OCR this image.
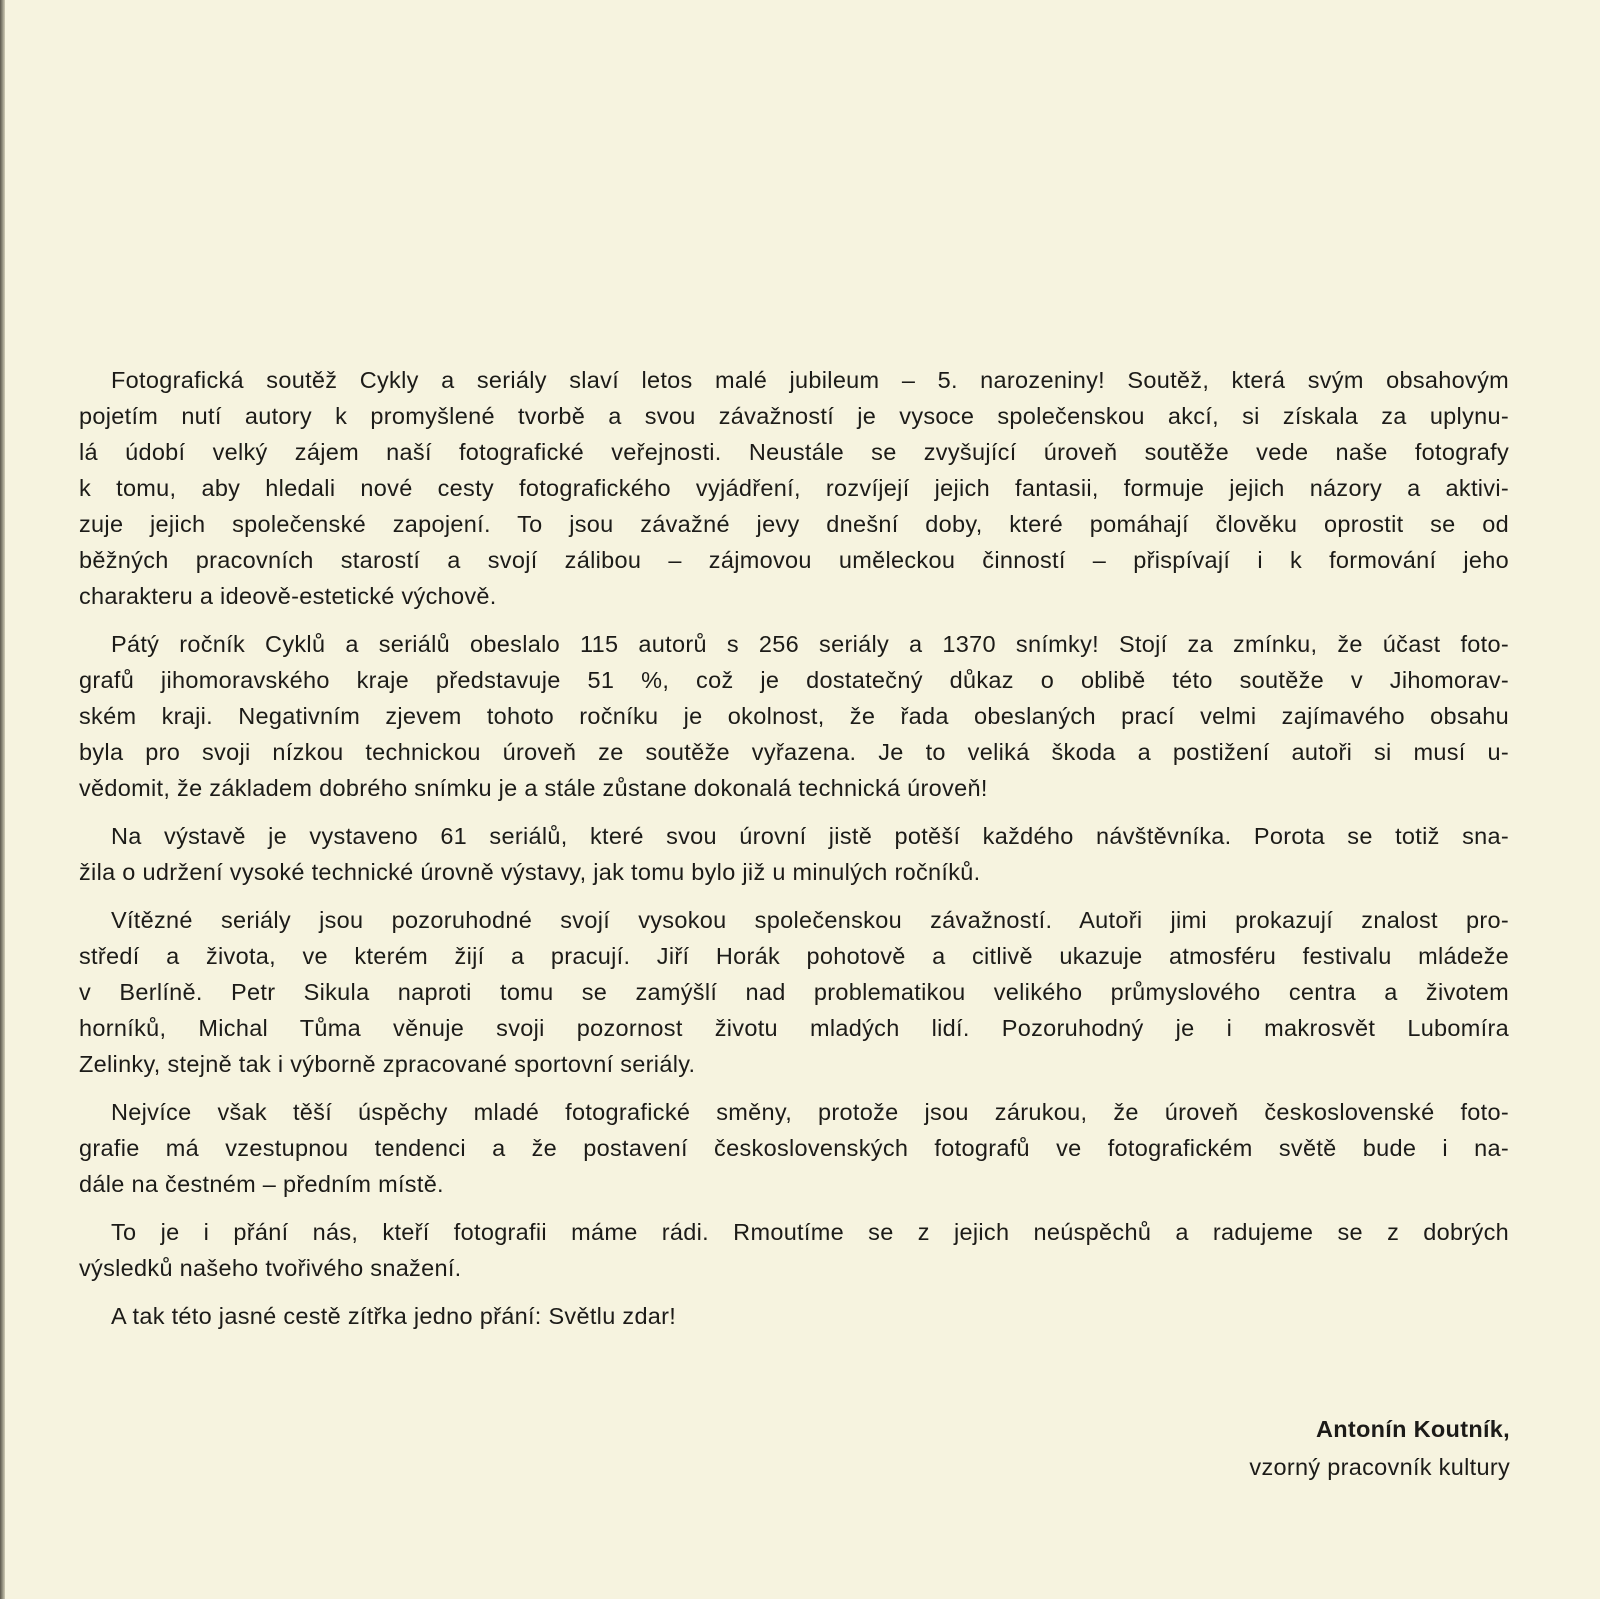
Fotografická soutěž Cykly a seriály slaví letos malé jubileum – 5. narozeniny! Soutěž, která svým obsahovým
pojetím nutí autory k promyšlené tvorbě a svou závažností je vysoce společenskou akcí, si získala za uplynu-
lá údobí velký zájem naší fotografické veřejnosti. Neustále se zvyšující úroveň soutěže vede naše fotografy
k tomu, aby hledali nové cesty fotografického vyjádření, rozvíjejí jejich fantasii, formuje jejich názory a aktivi-
zuje jejich společenské zapojení. To jsou závažné jevy dnešní doby, které pomáhají člověku oprostit se od
běžných pracovních starostí a svojí zálibou – zájmovou uměleckou činností – přispívají i k formování jeho
charakteru a ideově-estetické výchově.
Pátý ročník Cyklů a seriálů obeslalo 115 autorů s 256 seriály a 1370 snímky! Stojí za zmínku, že účast foto-
grafů jihomoravského kraje představuje 51 %, což je dostatečný důkaz o oblibě této soutěže v Jihomorav-
ském kraji. Negativním zjevem tohoto ročníku je okolnost, že řada obeslaných prací velmi zajímavého obsahu
byla pro svoji nízkou technickou úroveň ze soutěže vyřazena. Je to veliká škoda a postižení autoři si musí u-
vědomit, že základem dobrého snímku je a stále zůstane dokonalá technická úroveň!
Na výstavě je vystaveno 61 seriálů, které svou úrovní jistě potěší každého návštěvníka. Porota se totiž sna-
žila o udržení vysoké technické úrovně výstavy, jak tomu bylo již u minulých ročníků.
Vítězné seriály jsou pozoruhodné svojí vysokou společenskou závažností. Autoři jimi prokazují znalost pro-
středí a života, ve kterém žijí a pracují. Jiří Horák pohotově a citlivě ukazuje atmosféru festivalu mládeže
v Berlíně. Petr Sikula naproti tomu se zamýšlí nad problematikou velikého průmyslového centra a životem
horníků, Michal Tůma věnuje svoji pozornost životu mladých lidí. Pozoruhodný je i makrosvět Lubomíra
Zelinky, stejně tak i výborně zpracované sportovní seriály.
Nejvíce však těší úspěchy mladé fotografické směny, protože jsou zárukou, že úroveň československé foto-
grafie má vzestupnou tendenci a že postavení československých fotografů ve fotografickém světě bude i na-
dále na čestném – předním místě.
To je i přání nás, kteří fotografii máme rádi. Rmoutíme se z jejich neúspěchů a radujeme se z dobrých
výsledků našeho tvořivého snažení.
A tak této jasné cestě zítřka jedno přání: Světlu zdar!
Antonín Koutník,
vzorný pracovník kultury
